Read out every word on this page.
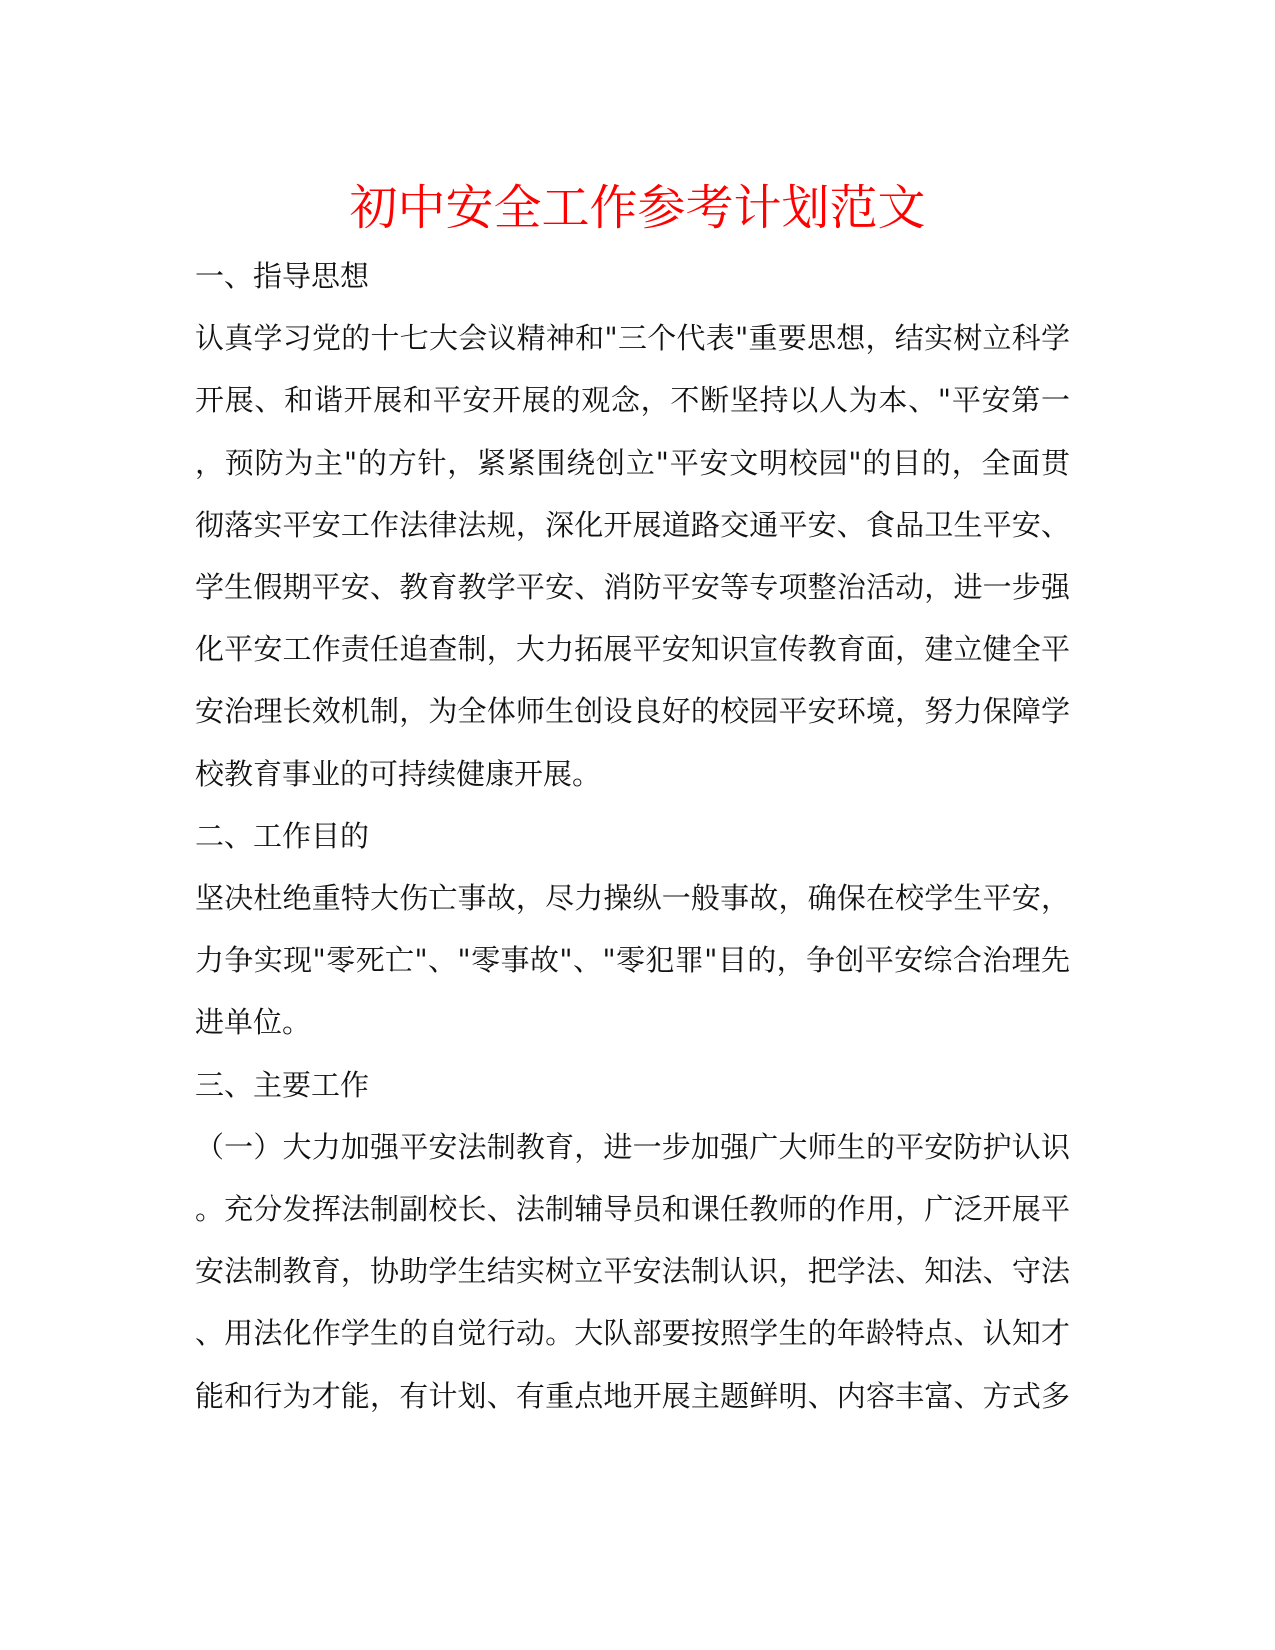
初中安全工作参考计划范文

一、指导思想

认真学习党的十七大会议精神和"三个代表"重要思想，结实树立科学

开展、和谐开展和平安开展的观念，不断坚持以人为本、"平安第一

，预防为主"的方针，紧紧围绕创立"平安文明校园"的目的，全面贯

彻落实平安工作法律法规，深化开展道路交通平安、食品卫生平安、

学生假期平安、教育教学平安、消防平安等专项整治活动，进一步强

化平安工作责任追查制，大力拓展平安知识宣传教育面，建立健全平

安治理长效机制，为全体师生创设良好的校园平安环境，努力保障学

校教育事业的可持续健康开展。

二、工作目的

坚决杜绝重特大伤亡事故，尽力操纵一般事故，确保在校学生平安，

力争实现"零死亡"、"零事故"、"零犯罪"目的，争创平安综合治理先

进单位。

三、主要工作

（一）大力加强平安法制教育，进一步加强广大师生的平安防护认识

。充分发挥法制副校长、法制辅导员和课任教师的作用，广泛开展平

安法制教育，协助学生结实树立平安法制认识，把学法、知法、守法

、用法化作学生的自觉行动。大队部要按照学生的年龄特点、认知才

能和行为才能，有计划、有重点地开展主题鲜明、内容丰富、方式多
